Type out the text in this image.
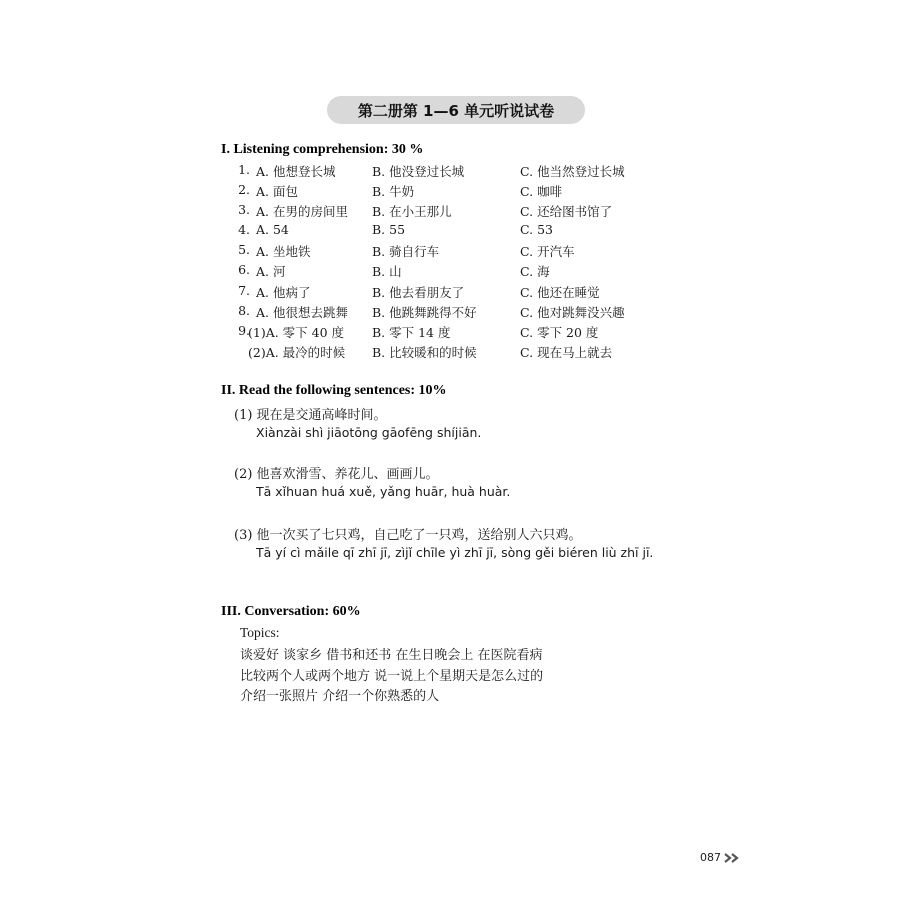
第二册第 1—6 单元听说试卷
I. Listening comprehension: 30 %
1. A. 他想登长城	B. 他没登过长城	C. 他当然登过长城
2. A. 面包	B. 牛奶	C. 咖啡
3. A. 在男的房间里 B. 在小王那儿	C. 还给图书馆了
4. A. 54	B. 55	C. 53
5. A. 坐地铁	B. 骑自行车	C. 开汽车
6. A. 河	B. 山	C. 海
7. A. 他病了	B. 他去看朋友了	C. 他还在睡觉
8. A. 他很想去跳舞 B. 他跳舞跳得不好	C. 他对跳舞没兴趣
9.
(1)A. 零下 40 度 B. 零下 14 度	C. 零下 20 度
(2)A. 最冷的时候 B. 比较暖和的时候	C. 现在马上就去
II. Read the following sentences: 10%
(1) 现在是交通高峰时间。
Xiànzài shì jiāotōng gāofēng shíjiān.
(2) 他喜欢滑雪、养花儿、画画儿。
Tā xǐhuan huá xuě, yǎng huār, huà huàr.
(3) 他一次买了七只鸡，自己吃了一只鸡，送给别人六只鸡。
Tā yí cì mǎile qī zhī jī, zìjǐ chīle yì zhī jī, sòng gěi biéren liù zhī jī.
III. Conversation: 60%
Topics:
谈爱好 谈家乡 借书和还书 在生日晚会上 在医院看病
比较两个人或两个地方 说一说上个星期天是怎么过的
介绍一张照片 介绍一个你熟悉的人
087
